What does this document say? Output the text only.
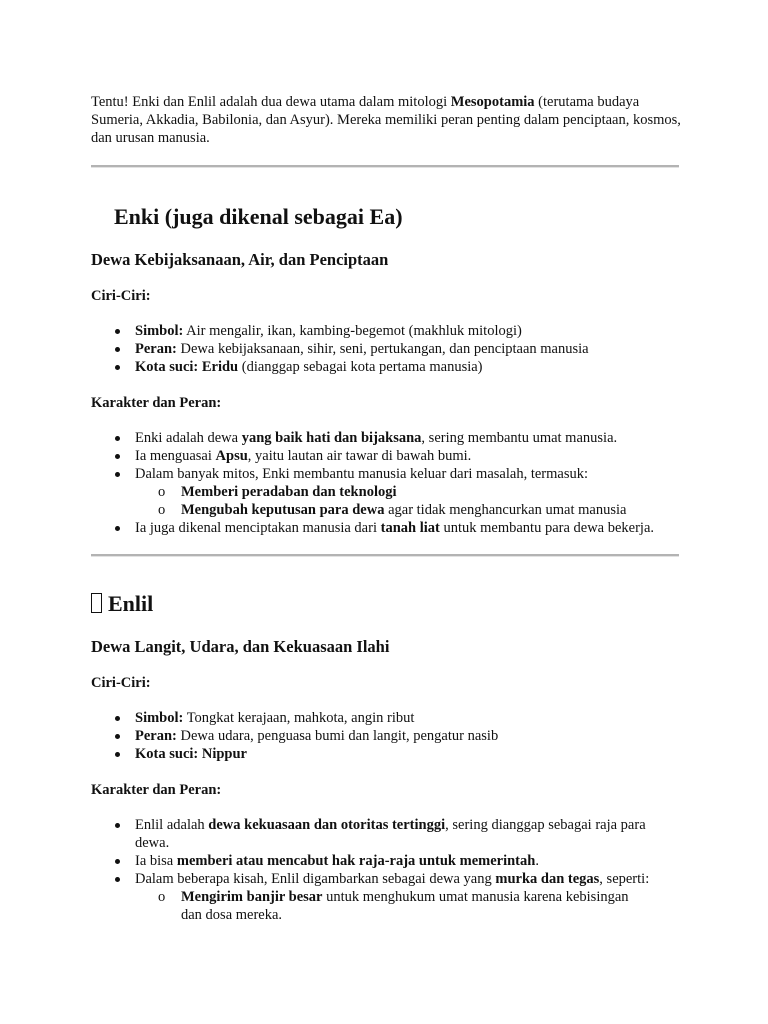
Tentu! Enki dan Enlil adalah dua dewa utama dalam mitologi Mesopotamia (terutama budaya Sumeria, Akkadia, Babilonia, dan Asyur). Mereka memiliki peran penting dalam penciptaan, kosmos, dan urusan manusia.

Enki (juga dikenal sebagai Ea)
Dewa Kebijaksanaan, Air, dan Penciptaan

Ciri-Ciri:

Simbol: Air mengalir, ikan, kambing-begemot (makhluk mitologi)
Peran: Dewa kebijaksanaan, sihir, seni, pertukangan, dan penciptaan manusia
Kota suci: Eridu (dianggap sebagai kota pertama manusia)

Karakter dan Peran:

Enki adalah dewa yang baik hati dan bijaksana, sering membantu umat manusia.
Ia menguasai Apsu, yaitu lautan air tawar di bawah bumi.
Dalam banyak mitos, Enki membantu manusia keluar dari masalah, termasuk:
o Memberi peradaban dan teknologi
o Mengubah keputusan para dewa agar tidak menghancurkan umat manusia
Ia juga dikenal menciptakan manusia dari tanah liat untuk membantu para dewa bekerja.
Enlil
Dewa Langit, Udara, dan Kekuasaan Ilahi

Ciri-Ciri:

Simbol: Tongkat kerajaan, mahkota, angin ribut
Peran: Dewa udara, penguasa bumi dan langit, pengatur nasib
Kota suci: Nippur

Karakter dan Peran:

Enlil adalah dewa kekuasaan dan otoritas tertinggi, sering dianggap sebagai raja para dewa.
Ia bisa memberi atau mencabut hak raja-raja untuk memerintah.
Dalam beberapa kisah, Enlil digambarkan sebagai dewa yang murka dan tegas, seperti:
o Mengirim banjir besar untuk menghukum umat manusia karena kebisingan dan dosa mereka.
